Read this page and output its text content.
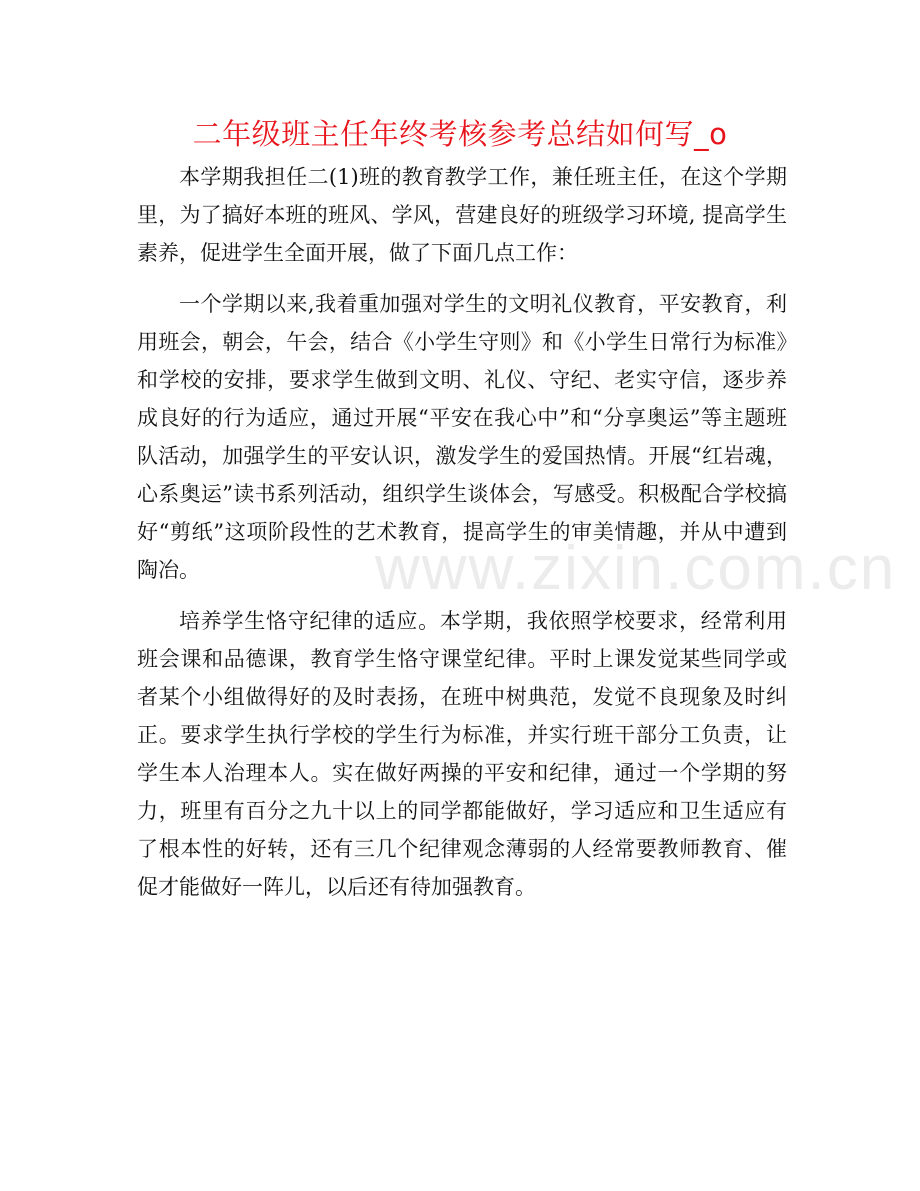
二年级班主任年终考核参考总结如何写_o

本学期我担任二(1)班的教育教学工作，兼任班主任，在这个学期里，为了搞好本班的班风、学风，营建良好的班级学习环境, 提高学生素养，促进学生全面开展，做了下面几点工作：

一个学期以来,我着重加强对学生的文明礼仪教育，平安教育，利用班会，朝会，午会，结合《小学生守则》和《小学生日常行为标准》和学校的安排，要求学生做到文明、礼仪、守纪、老实守信，逐步养成良好的行为适应，通过开展“平安在我心中”和“分享奥运”等主题班队活动，加强学生的平安认识，激发学生的爱国热情。开展“红岩魂，心系奥运”读书系列活动，组织学生谈体会，写感受。积极配合学校搞好“剪纸”这项阶段性的艺术教育，提高学生的审美情趣，并从中遭到陶冶。

培养学生恪守纪律的适应。本学期，我依照学校要求，经常利用班会课和品德课，教育学生恪守课堂纪律。平时上课发觉某些同学或者某个小组做得好的及时表扬，在班中树典范，发觉不良现象及时纠正。要求学生执行学校的学生行为标准，并实行班干部分工负责，让学生本人治理本人。实在做好两操的平安和纪律，通过一个学期的努力，班里有百分之九十以上的同学都能做好，学习适应和卫生适应有了根本性的好转，还有三几个纪律观念薄弱的人经常要教师教育、催促才能做好一阵儿，以后还有待加强教育。

www.zixin.com.cn
